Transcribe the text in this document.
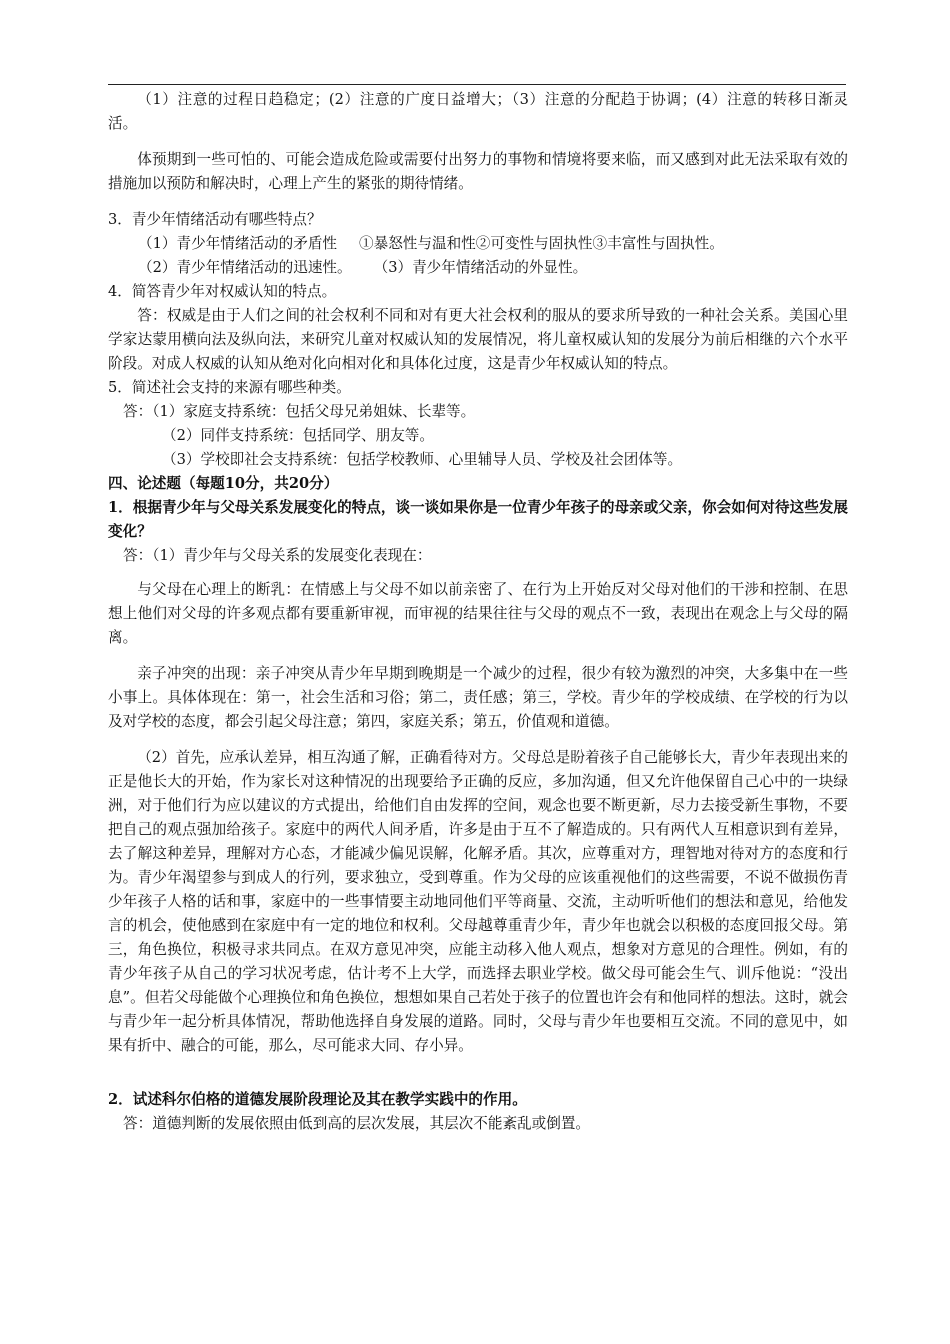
（1）注意的过程日趋稳定；(2）注意的广度日益增大；（3）注意的分配趋于协调；(4）注意的转移日渐灵活。

体预期到一些可怕的、可能会造成危险或需要付出努力的事物和情境将要来临，而又感到对此无法采取有效的措施加以预防和解决时，心理上产生的紧张的期待情绪。

3．青少年情绪活动有哪些特点？

（1）青少年情绪活动的矛盾性 ①暴怒性与温和性②可变性与固执性③丰富性与固执性。

（2）青少年情绪活动的迅速性。 （3）青少年情绪活动的外显性。

4．简答青少年对权威认知的特点。

答：权威是由于人们之间的社会权利不同和对有更大社会权利的服从的要求所导致的一种社会关系。美国心里学家达蒙用横向法及纵向法，来研究儿童对权威认知的发展情况，将儿童权威认知的发展分为前后相继的六个水平阶段。对成人权威的认知从绝对化向相对化和具体化过度，这是青少年权威认知的特点。

5．简述社会支持的来源有哪些种类。

答：（1）家庭支持系统：包括父母兄弟姐妹、长辈等。

（2）同伴支持系统：包括同学、朋友等。

（3）学校即社会支持系统：包括学校教师、心里辅导人员、学校及社会团体等。

四、论述题（每题10分，共20分）

1．根据青少年与父母关系发展变化的特点，谈一谈如果你是一位青少年孩子的母亲或父亲，你会如何对待这些发展变化？

答：（1）青少年与父母关系的发展变化表现在：

与父母在心理上的断乳：在情感上与父母不如以前亲密了、在行为上开始反对父母对他们的干涉和控制、在思想上他们对父母的许多观点都有要重新审视，而审视的结果往往与父母的观点不一致，表现出在观念上与父母的隔离。

亲子冲突的出现：亲子冲突从青少年早期到晚期是一个减少的过程，很少有较为激烈的冲突，大多集中在一些小事上。具体体现在：第一，社会生活和习俗；第二，责任感；第三，学校。青少年的学校成绩、在学校的行为以及对学校的态度，都会引起父母注意；第四，家庭关系；第五，价值观和道德。

（2）首先，应承认差异，相互沟通了解，正确看待对方。父母总是盼着孩子自己能够长大，青少年表现出来的正是他长大的开始，作为家长对这种情况的出现要给予正确的反应，多加沟通，但又允许他保留自己心中的一块绿洲，对于他们行为应以建议的方式提出，给他们自由发挥的空间，观念也要不断更新，尽力去接受新生事物，不要把自己的观点强加给孩子。家庭中的两代人间矛盾，许多是由于互不了解造成的。只有两代人互相意识到有差异，去了解这种差异，理解对方心态，才能减少偏见误解，化解矛盾。其次，应尊重对方，理智地对待对方的态度和行为。青少年渴望参与到成人的行列，要求独立，受到尊重。作为父母的应该重视他们的这些需要，不说不做损伤青少年孩子人格的话和事，家庭中的一些事情要主动地同他们平等商量、交流，主动听听他们的想法和意见，给他发言的机会，使他感到在家庭中有一定的地位和权利。父母越尊重青少年，青少年也就会以积极的态度回报父母。第三，角色换位，积极寻求共同点。在双方意见冲突，应能主动移入他人观点，想象对方意见的合理性。例如，有的青少年孩子从自己的学习状况考虑，估计考不上大学，而选择去职业学校。做父母可能会生气、训斥他说：“没出息”。但若父母能做个心理换位和角色换位，想想如果自己若处于孩子的位置也许会有和他同样的想法。这时，就会与青少年一起分析具体情况，帮助他选择自身发展的道路。同时，父母与青少年也要相互交流。不同的意见中，如果有折中、融合的可能，那么，尽可能求大同、存小异。

2．试述科尔伯格的道德发展阶段理论及其在教学实践中的作用。

答：道德判断的发展依照由低到高的层次发展，其层次不能紊乱或倒置。
